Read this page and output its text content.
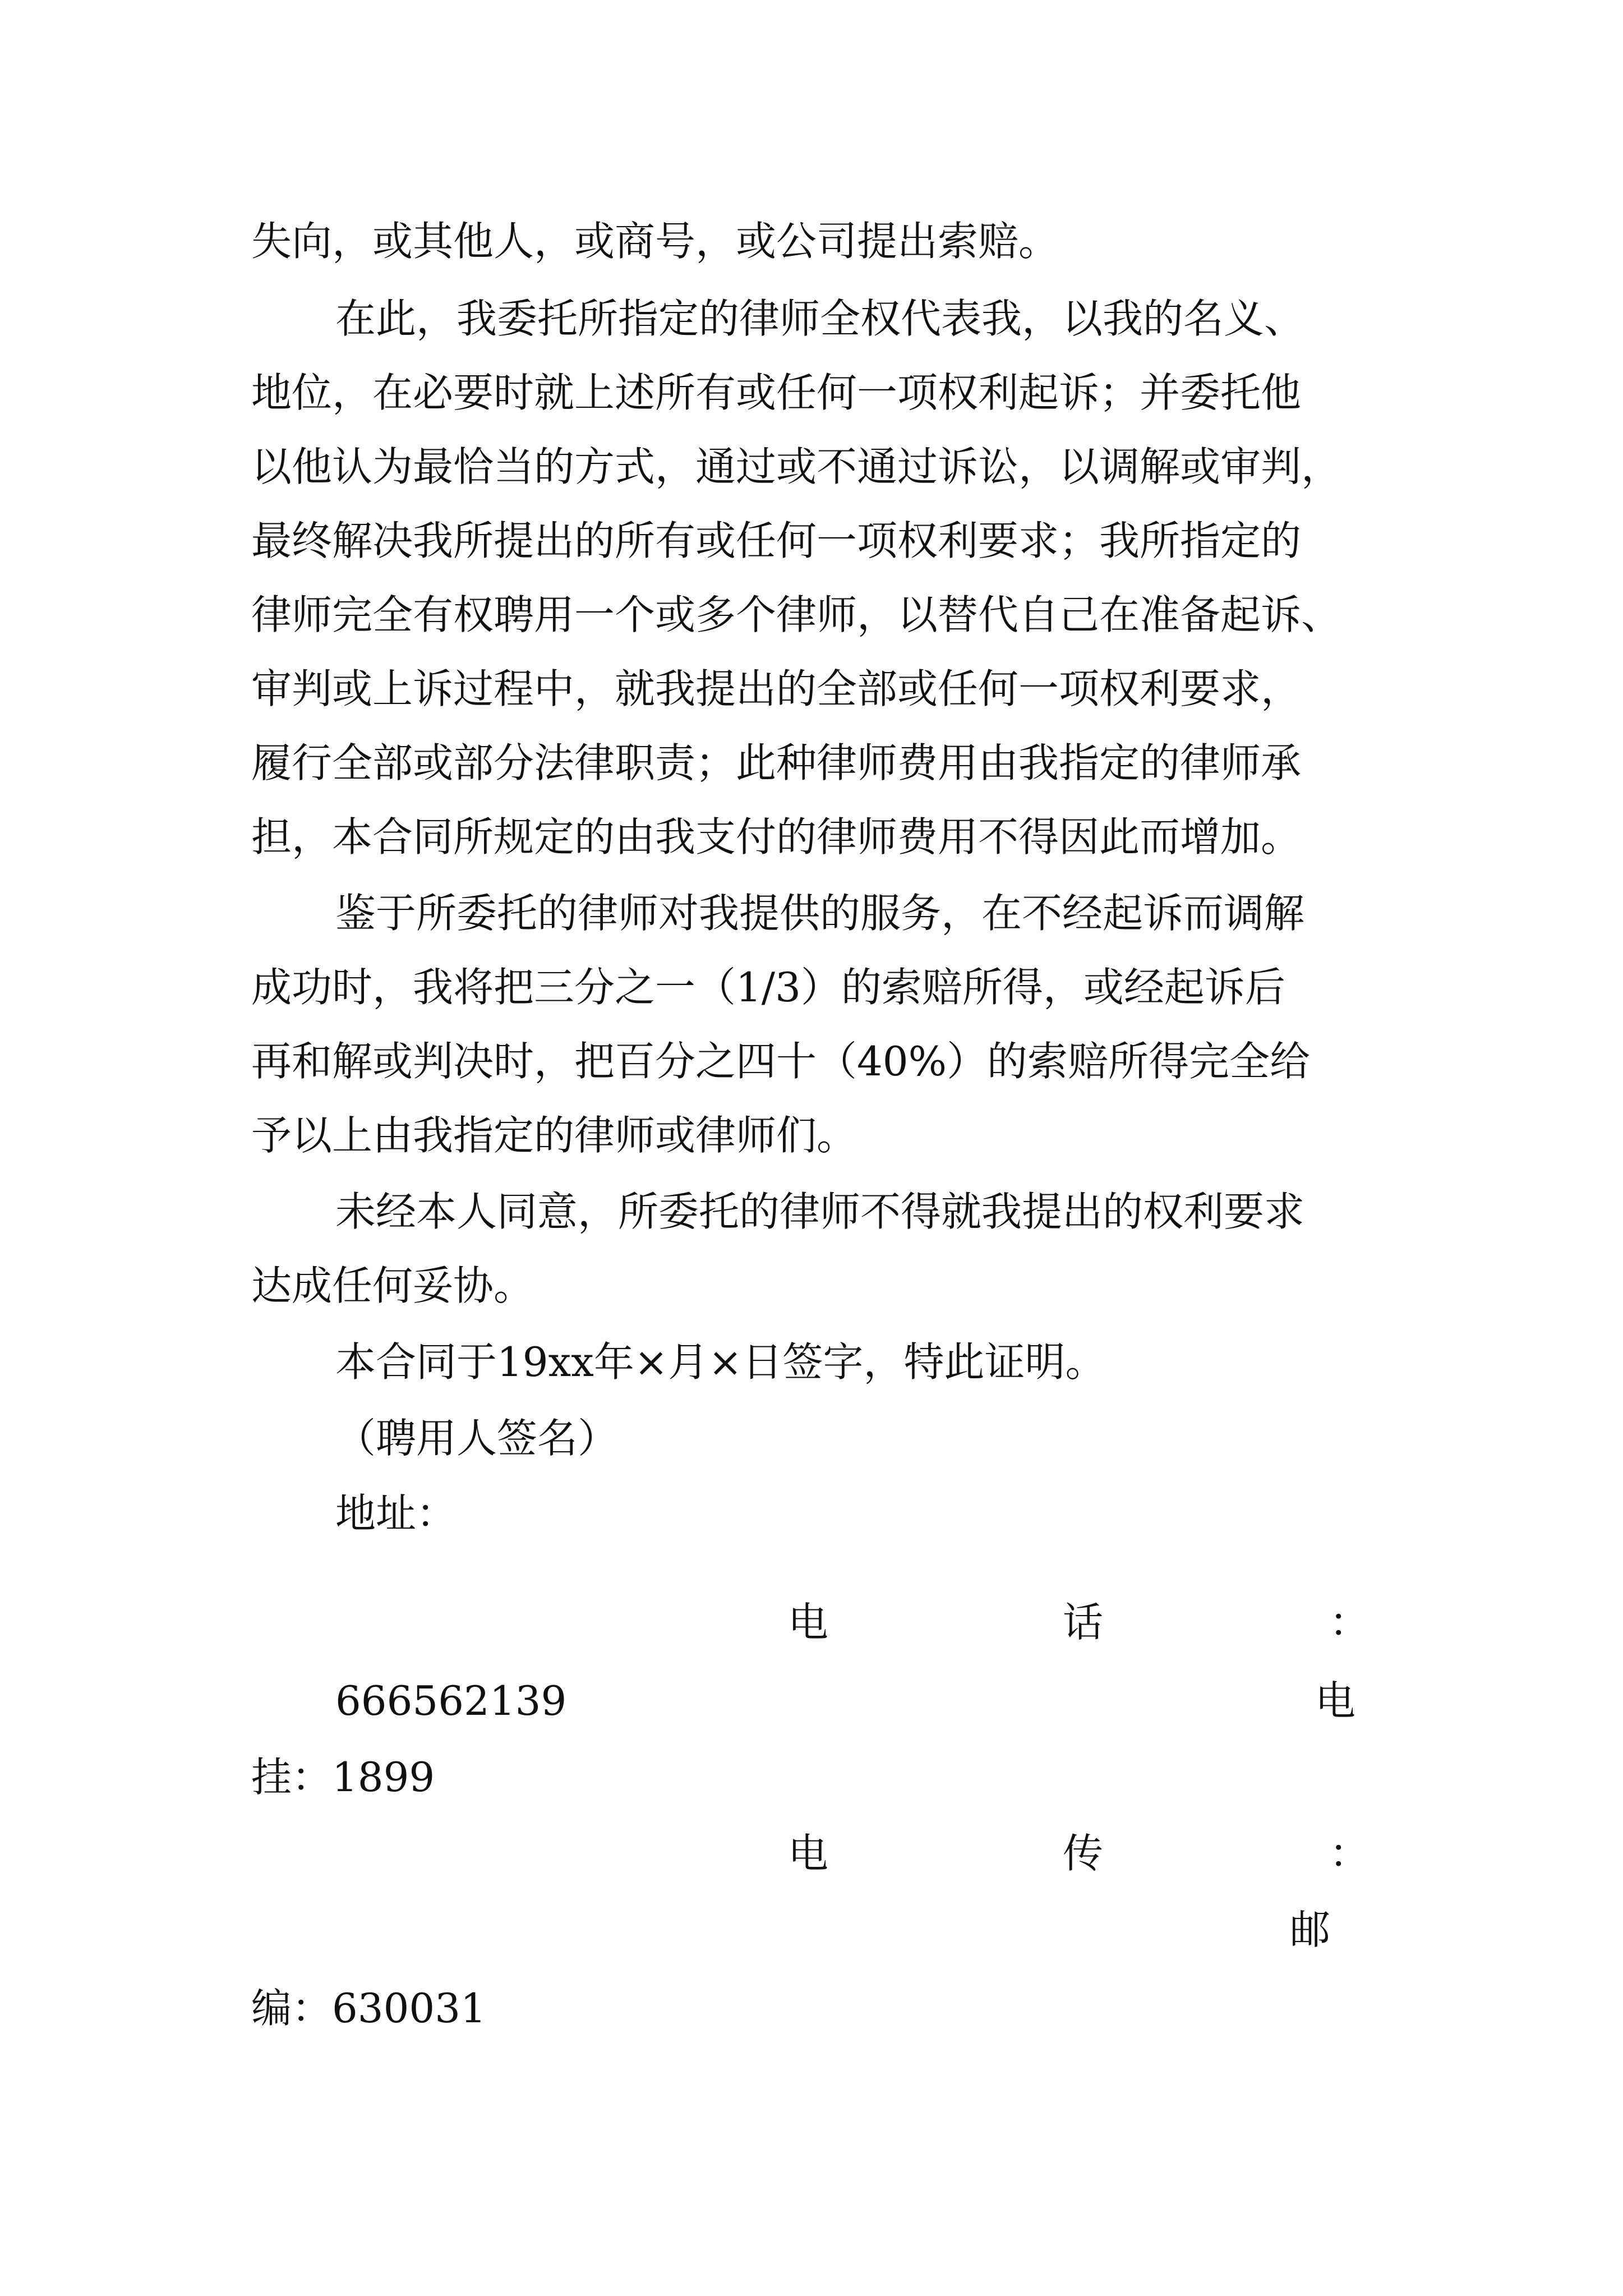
失向，或其他人，或商号，或公司提出索赔。
在此，我委托所指定的律师全权代表我，以我的名义、
地位，在必要时就上述所有或任何一项权利起诉；并委托他
以他认为最恰当的方式，通过或不通过诉讼，以调解或审判，
最终解决我所提出的所有或任何一项权利要求；我所指定的
律师完全有权聘用一个或多个律师，以替代自己在准备起诉、
审判或上诉过程中，就我提出的全部或任何一项权利要求，
履行全部或部分法律职责；此种律师费用由我指定的律师承
担，本合同所规定的由我支付的律师费用不得因此而增加。
鉴于所委托的律师对我提供的服务，在不经起诉而调解
成功时，我将把三分之一（1/3）的索赔所得，或经起诉后
再和解或判决时，把百分之四十（40%）的索赔所得完全给
予以上由我指定的律师或律师们。
未经本人同意，所委托的律师不得就我提出的权利要求
达成任何妥协。
本合同于19xx年×月×日签字，特此证明。
（聘用人签名）
地址：
电	话	：
666562139	电
挂：1899
电	传	：
邮
编：630031
